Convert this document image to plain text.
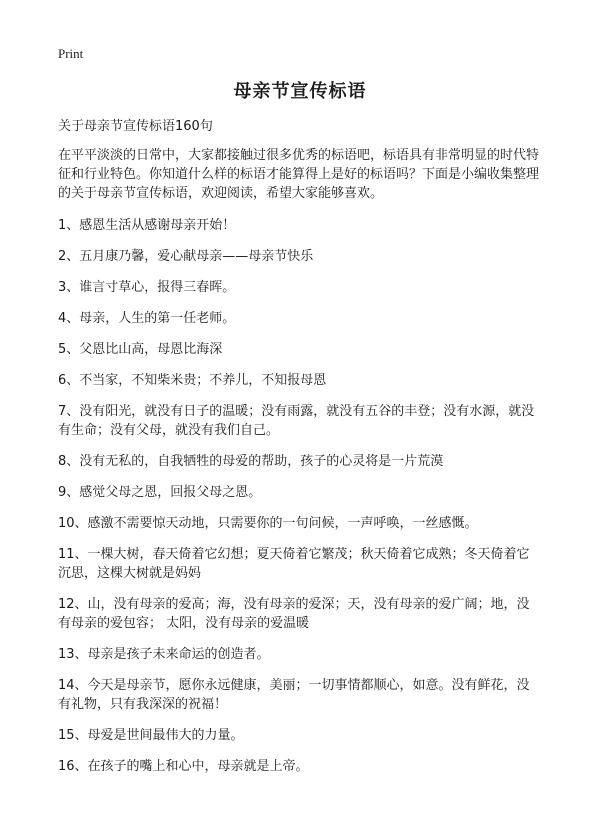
Print
母亲节宣传标语
关于母亲节宣传标语160句

在平平淡淡的日常中，大家都接触过很多优秀的标语吧，标语具有非常明显的时代特征和行业特色。你知道什么样的标语才能算得上是好的标语吗？下面是小编收集整理的关于母亲节宣传标语，欢迎阅读，希望大家能够喜欢。

1、感恩生活从感谢母亲开始！
2、五月康乃馨，爱心献母亲——母亲节快乐
3、谁言寸草心，报得三春晖。
4、母亲，人生的第一任老师。
5、父恩比山高，母恩比海深
6、不当家，不知柴米贵；不养儿，不知报母恩
7、没有阳光，就没有日子的温暖；没有雨露，就没有五谷的丰登；没有水源，就没有生命；没有父母，就没有我们自己。
8、没有无私的，自我牺牲的母爱的帮助，孩子的心灵将是一片荒漠
9、感觉父母之恩，回报父母之恩。
10、感激不需要惊天动地，只需要你的一句问候，一声呼唤，一丝感慨。
11、一棵大树，春天倚着它幻想；夏天倚着它繁茂；秋天倚着它成熟；冬天倚着它沉思，这棵大树就是妈妈
12、山，没有母亲的爱高；海，没有母亲的爱深；天，没有母亲的爱广阔；地，没有母亲的爱包容； 太阳，没有母亲的爱温暖
13、母亲是孩子未来命运的创造者。
14、今天是母亲节，愿你永远健康，美丽；一切事情都顺心，如意。没有鲜花，没有礼物，只有我深深的祝福！
15、母爱是世间最伟大的力量。
16、在孩子的嘴上和心中，母亲就是上帝。
